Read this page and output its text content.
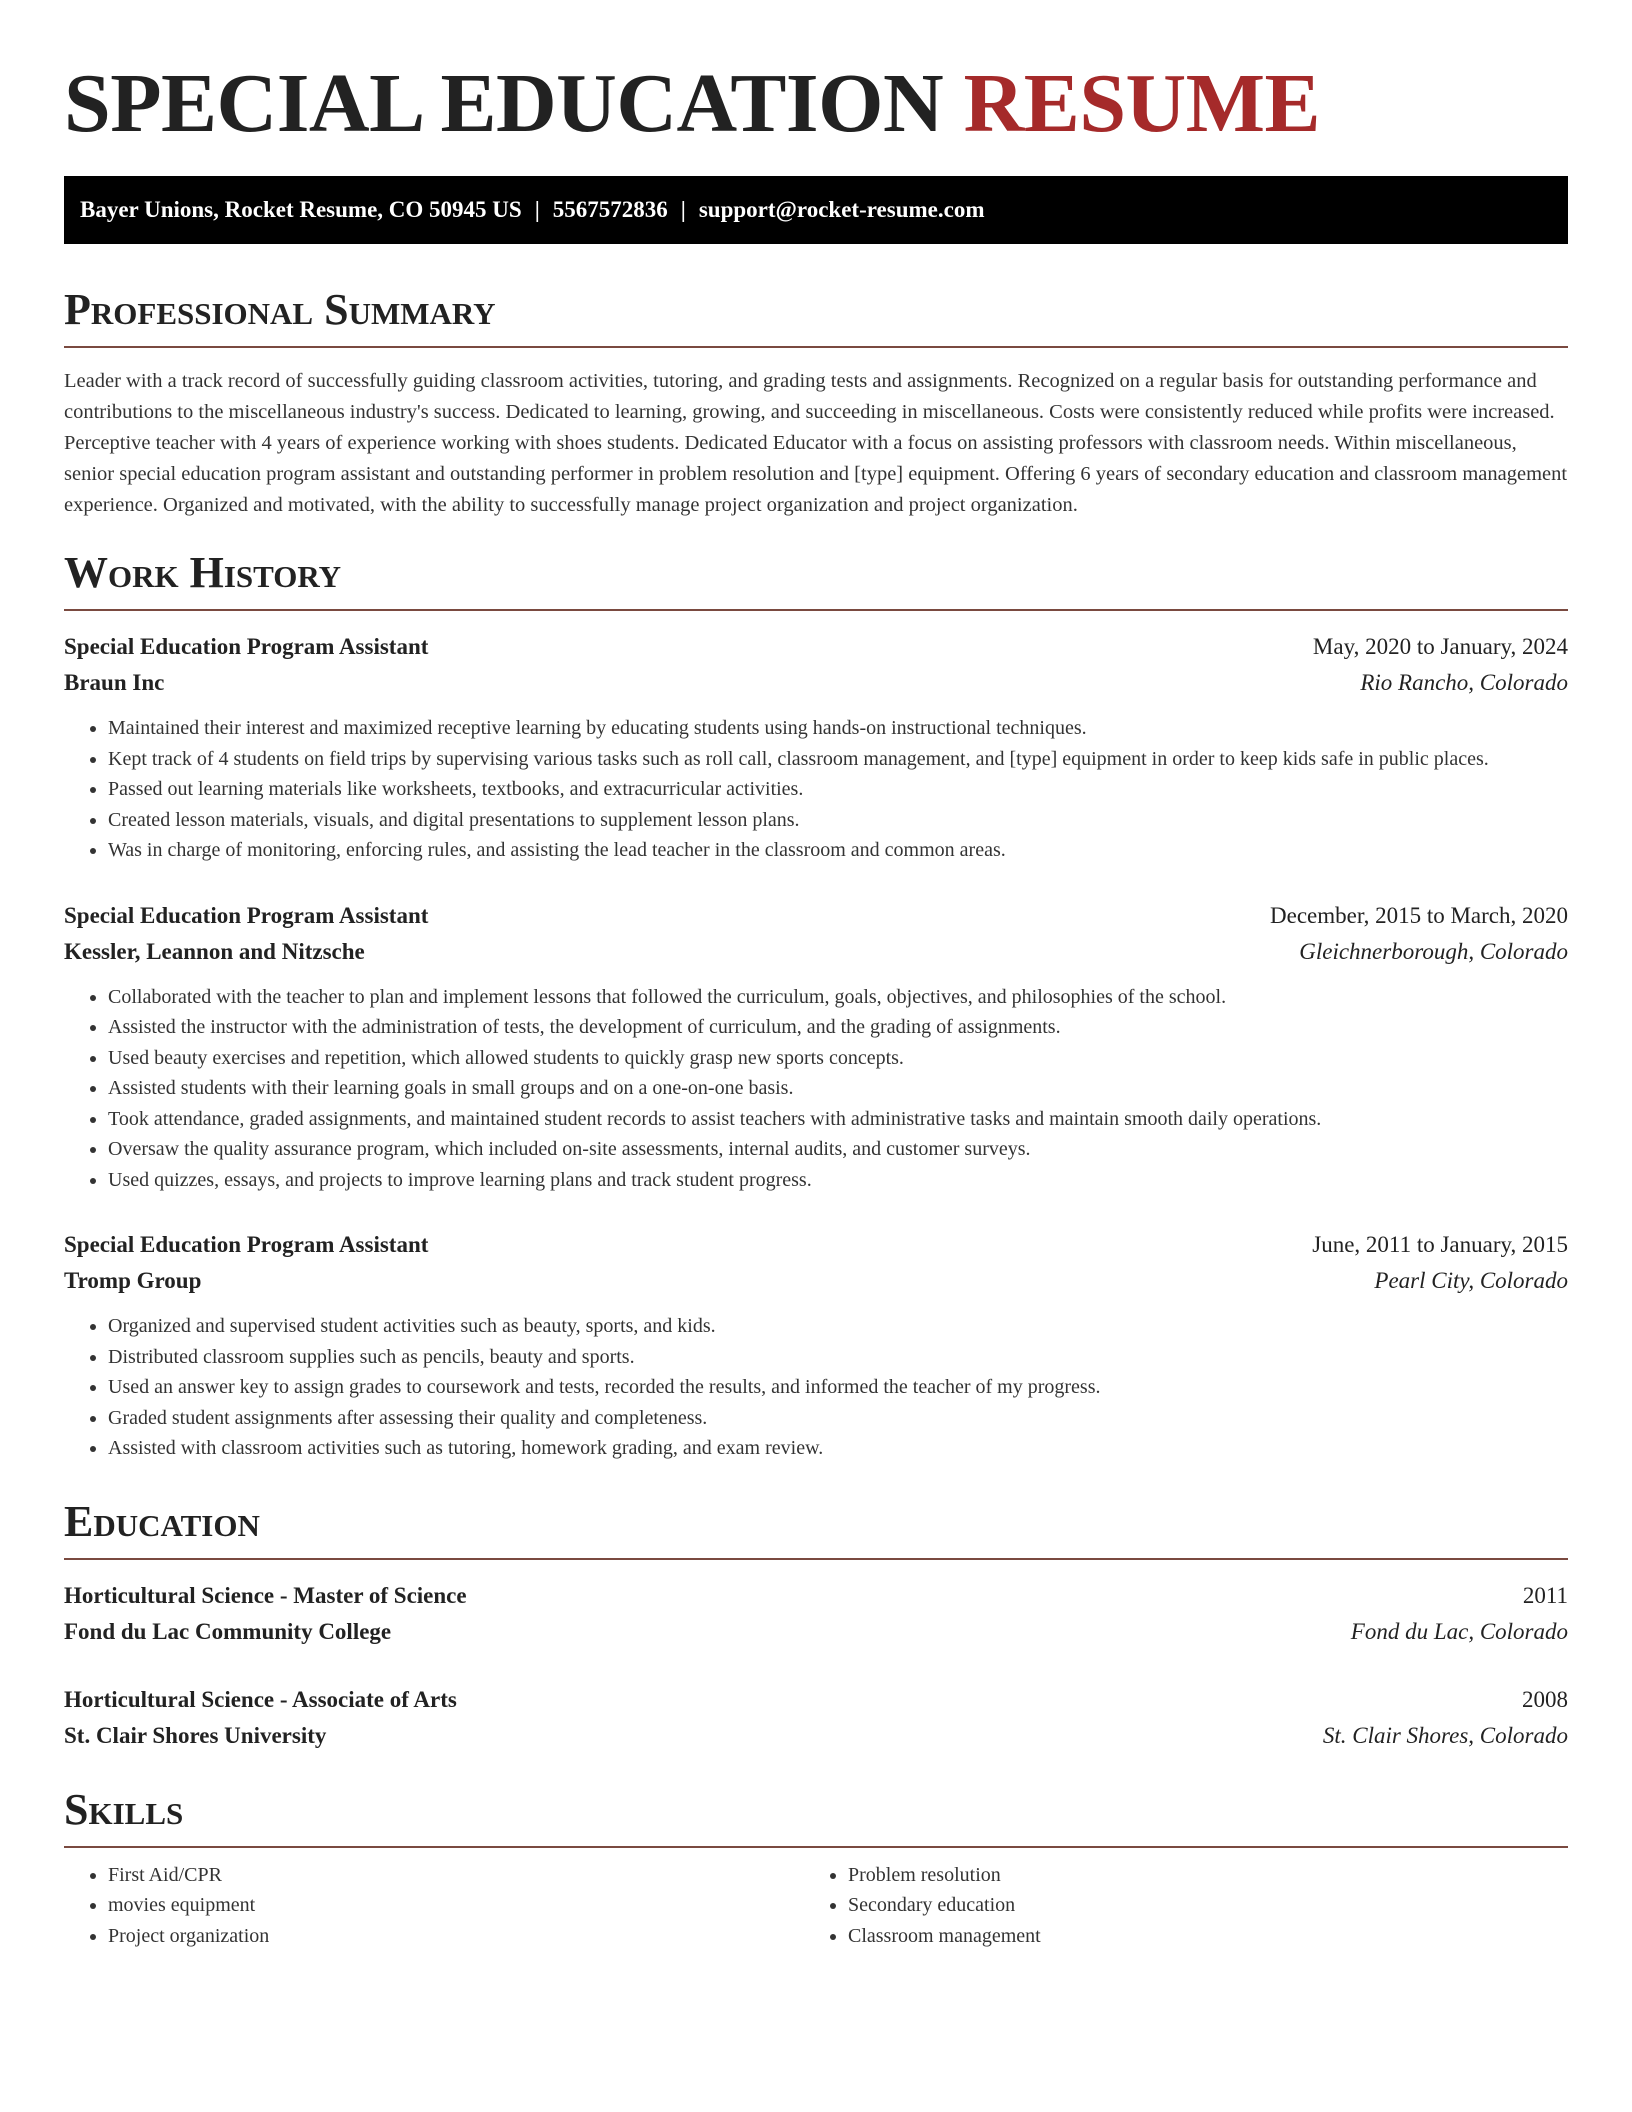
SPECIAL EDUCATION RESUME
Bayer Unions, Rocket Resume, CO 50945 US | 5567572836 | support@rocket-resume.com
Professional Summary

Leader with a track record of successfully guiding classroom activities, tutoring, and grading tests and assignments. Recognized on a regular basis for outstanding performance and contributions to the miscellaneous industry's success. Dedicated to learning, growing, and succeeding in miscellaneous. Costs were consistently reduced while profits were increased. Perceptive teacher with 4 years of experience working with shoes students. Dedicated Educator with a focus on assisting professors with classroom needs. Within miscellaneous, senior special education program assistant and outstanding performer in problem resolution and [type] equipment. Offering 6 years of secondary education and classroom management experience. Organized and motivated, with the ability to successfully manage project organization and project organization.

Work History
Special Education Program Assistant	May, 2020 to January, 2024
Braun Inc	Rio Rancho, Colorado
• Maintained their interest and maximized receptive learning by educating students using hands-on instructional techniques.
• Kept track of 4 students on field trips by supervising various tasks such as roll call, classroom management, and [type] equipment in order to keep kids safe in public places.
• Passed out learning materials like worksheets, textbooks, and extracurricular activities.
• Created lesson materials, visuals, and digital presentations to supplement lesson plans.
• Was in charge of monitoring, enforcing rules, and assisting the lead teacher in the classroom and common areas.
Special Education Program Assistant	December, 2015 to March, 2020
Kessler, Leannon and Nitzsche	Gleichnerborough, Colorado
• Collaborated with the teacher to plan and implement lessons that followed the curriculum, goals, objectives, and philosophies of the school.
• Assisted the instructor with the administration of tests, the development of curriculum, and the grading of assignments.
• Used beauty exercises and repetition, which allowed students to quickly grasp new sports concepts.
• Assisted students with their learning goals in small groups and on a one-on-one basis.
• Took attendance, graded assignments, and maintained student records to assist teachers with administrative tasks and maintain smooth daily operations.
• Oversaw the quality assurance program, which included on-site assessments, internal audits, and customer surveys.
• Used quizzes, essays, and projects to improve learning plans and track student progress.
Special Education Program Assistant	June, 2011 to January, 2015
Tromp Group	Pearl City, Colorado
• Organized and supervised student activities such as beauty, sports, and kids.
• Distributed classroom supplies such as pencils, beauty and sports.
• Used an answer key to assign grades to coursework and tests, recorded the results, and informed the teacher of my progress.
• Graded student assignments after assessing their quality and completeness.
• Assisted with classroom activities such as tutoring, homework grading, and exam review.
Education
Horticultural Science - Master of Science	2011
Fond du Lac Community College	Fond du Lac, Colorado
Horticultural Science - Associate of Arts	2008
St. Clair Shores University	St. Clair Shores, Colorado
Skills
• First Aid/CPR
• movies equipment
• Project organization
• Problem resolution
• Secondary education
• Classroom management
